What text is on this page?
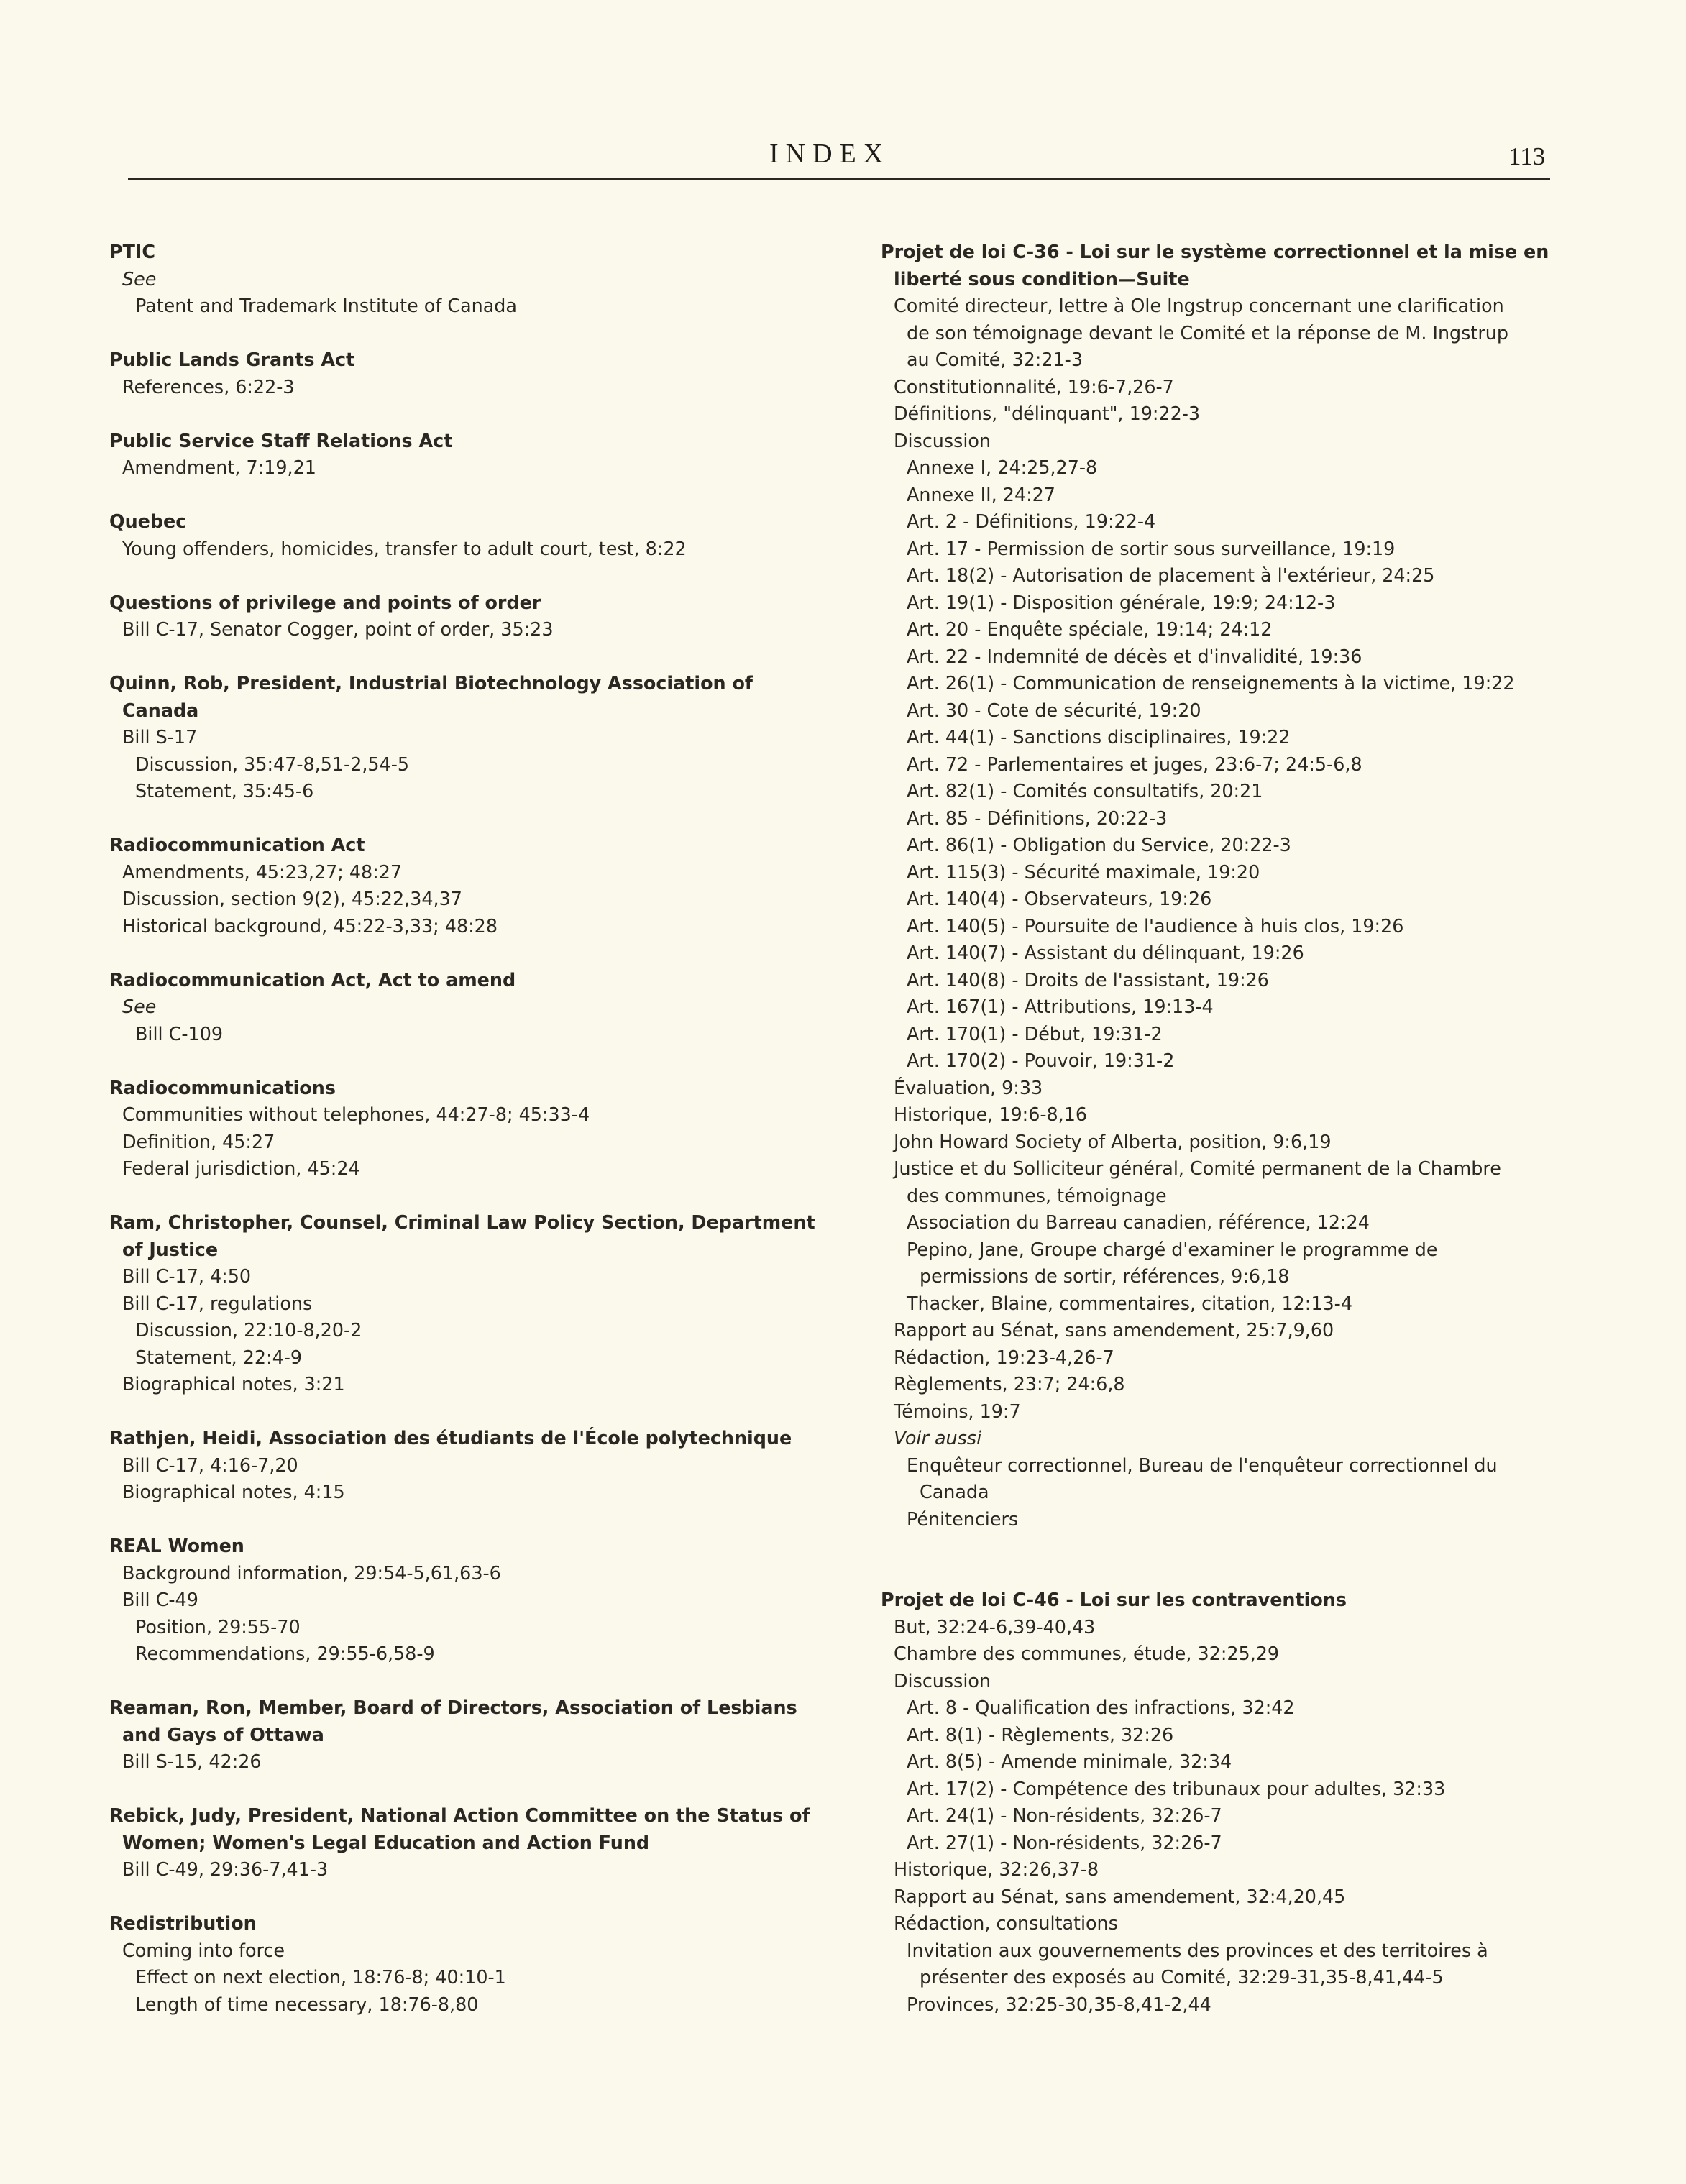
INDEX	113
PTIC
See
Patent and Trademark Institute of Canada

Public Lands Grants Act
References, 6:22-3

Public Service Staff Relations Act
Amendment, 7:19,21

Quebec
Young offenders, homicides, transfer to adult court, test, 8:22

Questions of privilege and points of order
Bill C-17, Senator Cogger, point of order, 35:23

Quinn, Rob, President, Industrial Biotechnology Association of
Canada
Bill S-17
Discussion, 35:47-8,51-2,54-5
Statement, 35:45-6

Radiocommunication Act
Amendments, 45:23,27; 48:27
Discussion, section 9(2), 45:22,34,37
Historical background, 45:22-3,33; 48:28

Radiocommunication Act, Act to amend
See
Bill C-109

Radiocommunications
Communities without telephones, 44:27-8; 45:33-4
Definition, 45:27
Federal jurisdiction, 45:24

Ram, Christopher, Counsel, Criminal Law Policy Section, Department
of Justice
Bill C-17, 4:50
Bill C-17, regulations
Discussion, 22:10-8,20-2
Statement, 22:4-9
Biographical notes, 3:21

Rathjen, Heidi, Association des étudiants de l'École polytechnique
Bill C-17, 4:16-7,20
Biographical notes, 4:15

REAL Women
Background information, 29:54-5,61,63-6
Bill C-49
Position, 29:55-70
Recommendations, 29:55-6,58-9

Reaman, Ron, Member, Board of Directors, Association of Lesbians
and Gays of Ottawa
Bill S-15, 42:26

Rebick, Judy, President, National Action Committee on the Status of
Women; Women's Legal Education and Action Fund
Bill C-49, 29:36-7,41-3

Redistribution
Coming into force
Effect on next election, 18:76-8; 40:10-1
Length of time necessary, 18:76-8,80
Projet de loi C-36 - Loi sur le système correctionnel et la mise en
liberté sous condition—Suite
Comité directeur, lettre à Ole Ingstrup concernant une clarification
de son témoignage devant le Comité et la réponse de M. Ingstrup
au Comité, 32:21-3
Constitutionnalité, 19:6-7,26-7
Définitions, "délinquant", 19:22-3
Discussion
Annexe I, 24:25,27-8
Annexe II, 24:27
Art. 2 - Définitions, 19:22-4
Art. 17 - Permission de sortir sous surveillance, 19:19
Art. 18(2) - Autorisation de placement à l'extérieur, 24:25
Art. 19(1) - Disposition générale, 19:9; 24:12-3
Art. 20 - Enquête spéciale, 19:14; 24:12
Art. 22 - Indemnité de décès et d'invalidité, 19:36
Art. 26(1) - Communication de renseignements à la victime, 19:22
Art. 30 - Cote de sécurité, 19:20
Art. 44(1) - Sanctions disciplinaires, 19:22
Art. 72 - Parlementaires et juges, 23:6-7; 24:5-6,8
Art. 82(1) - Comités consultatifs, 20:21
Art. 85 - Définitions, 20:22-3
Art. 86(1) - Obligation du Service, 20:22-3
Art. 115(3) - Sécurité maximale, 19:20
Art. 140(4) - Observateurs, 19:26
Art. 140(5) - Poursuite de l'audience à huis clos, 19:26
Art. 140(7) - Assistant du délinquant, 19:26
Art. 140(8) - Droits de l'assistant, 19:26
Art. 167(1) - Attributions, 19:13-4
Art. 170(1) - Début, 19:31-2
Art. 170(2) - Pouvoir, 19:31-2
Évaluation, 9:33
Historique, 19:6-8,16
John Howard Society of Alberta, position, 9:6,19
Justice et du Solliciteur général, Comité permanent de la Chambre
des communes, témoignage
Association du Barreau canadien, référence, 12:24
Pepino, Jane, Groupe chargé d'examiner le programme de
permissions de sortir, références, 9:6,18
Thacker, Blaine, commentaires, citation, 12:13-4
Rapport au Sénat, sans amendement, 25:7,9,60
Rédaction, 19:23-4,26-7
Règlements, 23:7; 24:6,8
Témoins, 19:7
Voir aussi
Enquêteur correctionnel, Bureau de l'enquêteur correctionnel du
Canada
Pénitenciers

Projet de loi C-46 - Loi sur les contraventions
But, 32:24-6,39-40,43
Chambre des communes, étude, 32:25,29
Discussion
Art. 8 - Qualification des infractions, 32:42
Art. 8(1) - Règlements, 32:26
Art. 8(5) - Amende minimale, 32:34
Art. 17(2) - Compétence des tribunaux pour adultes, 32:33
Art. 24(1) - Non-résidents, 32:26-7
Art. 27(1) - Non-résidents, 32:26-7
Historique, 32:26,37-8
Rapport au Sénat, sans amendement, 32:4,20,45
Rédaction, consultations
Invitation aux gouvernements des provinces et des territoires à
présenter des exposés au Comité, 32:29-31,35-8,41,44-5
Provinces, 32:25-30,35-8,41-2,44
